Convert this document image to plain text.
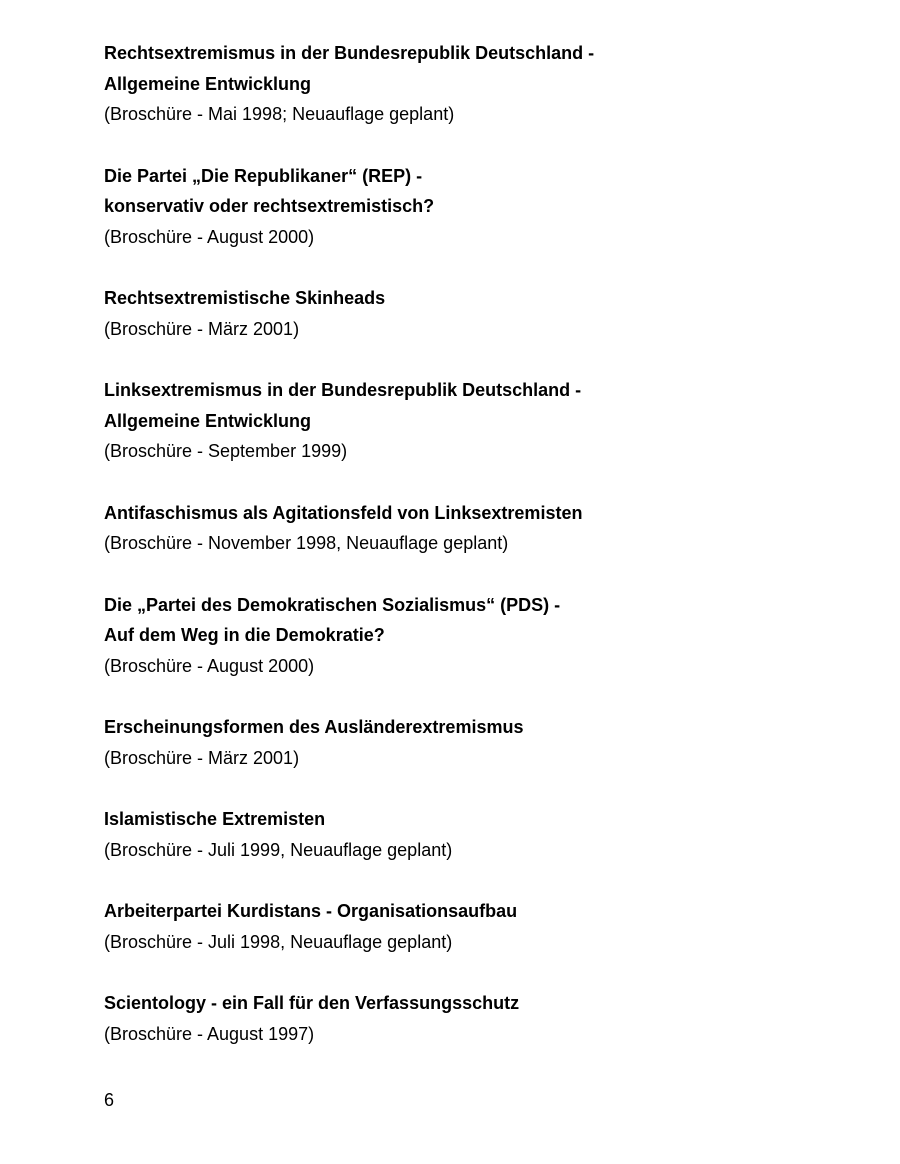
Rechtsextremismus in der Bundesrepublik Deutschland -
Allgemeine Entwicklung
(Broschüre - Mai 1998; Neuauflage geplant)
Die Partei „Die Republikaner“ (REP) -
konservativ oder rechtsextremistisch?
(Broschüre - August 2000)
Rechtsextremistische Skinheads
(Broschüre - März 2001)
Linksextremismus in der Bundesrepublik Deutschland -
Allgemeine Entwicklung
(Broschüre - September 1999)
Antifaschismus als Agitationsfeld von Linksextremisten
(Broschüre - November 1998, Neuauflage geplant)
Die „Partei des Demokratischen Sozialismus“ (PDS) -
Auf dem Weg in die Demokratie?
(Broschüre - August 2000)
Erscheinungsformen des Ausländerextremismus
(Broschüre - März 2001)
Islamistische Extremisten
(Broschüre - Juli 1999, Neuauflage geplant)
Arbeiterpartei Kurdistans - Organisationsaufbau
(Broschüre - Juli 1998, Neuauflage geplant)
Scientology - ein Fall für den Verfassungsschutz
(Broschüre - August 1997)
6
